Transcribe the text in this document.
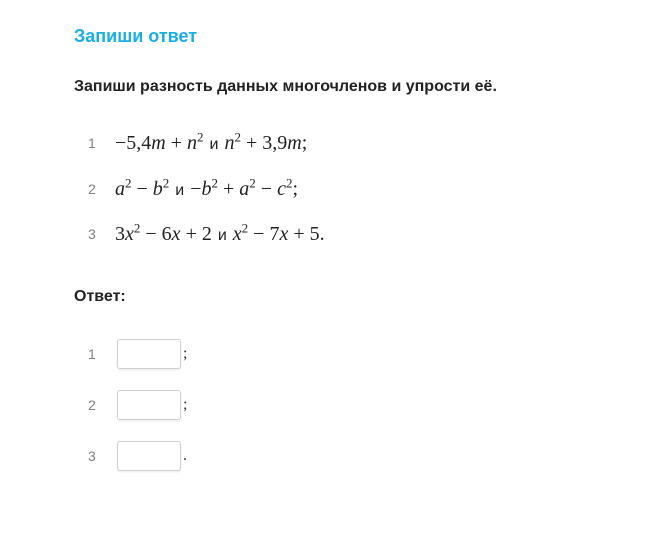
Запиши ответ
Запиши разность данных многочленов и упрости её.
$1 -5,4m + n^2$ и $n^2 + 3,9m$;
2 $a^2 - b^2$ $и -b^2 + a^2 - c^2$;
3 $3x^2 - 6x + 2$ и $x^2 - 7x + 5$.
Ответ:
1	;
2	;
3	.
